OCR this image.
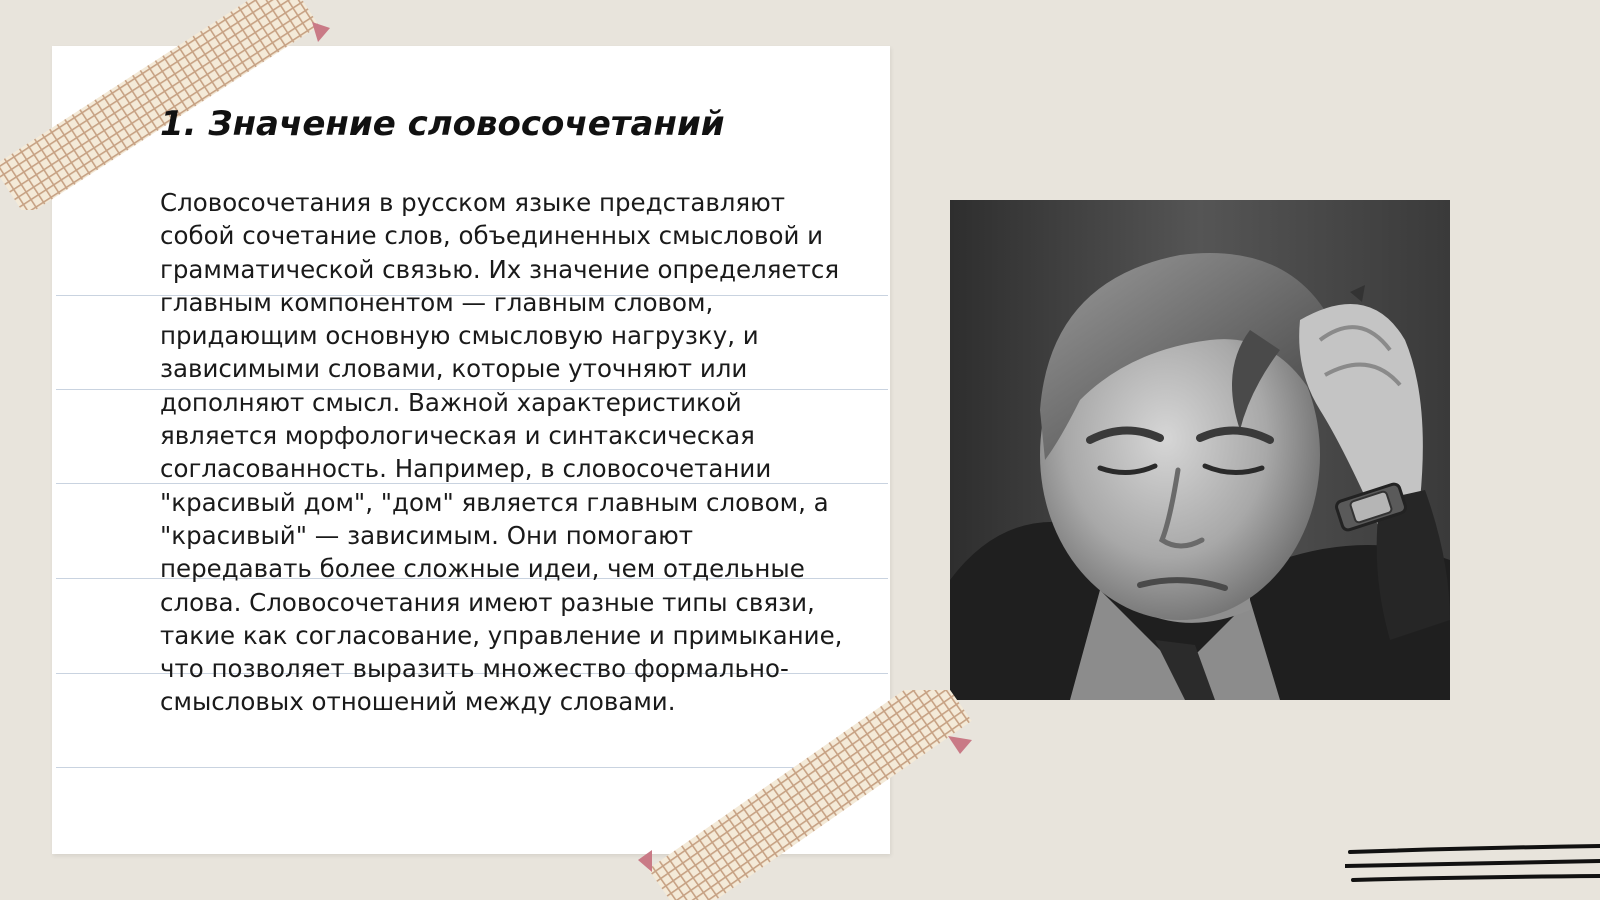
1. Значение словосочетаний

Словосочетания в русском языке представляют собой сочетание слов, объединенных смысловой и грамматической связью. Их значение определяется главным компонентом — главным словом, придающим основную смысловую нагрузку, и зависимыми словами, которые уточняют или дополняют смысл. Важной характеристикой является морфологическая и синтаксическая согласованность. Например, в словосочетании "красивый дом", "дом" является главным словом, а "красивый" — зависимым. Они помогают передавать более сложные идеи, чем отдельные слова. Словосочетания имеют разные типы связи, такие как согласование, управление и примыкание, что позволяет выразить множество формально-смысловых отношений между словами.
